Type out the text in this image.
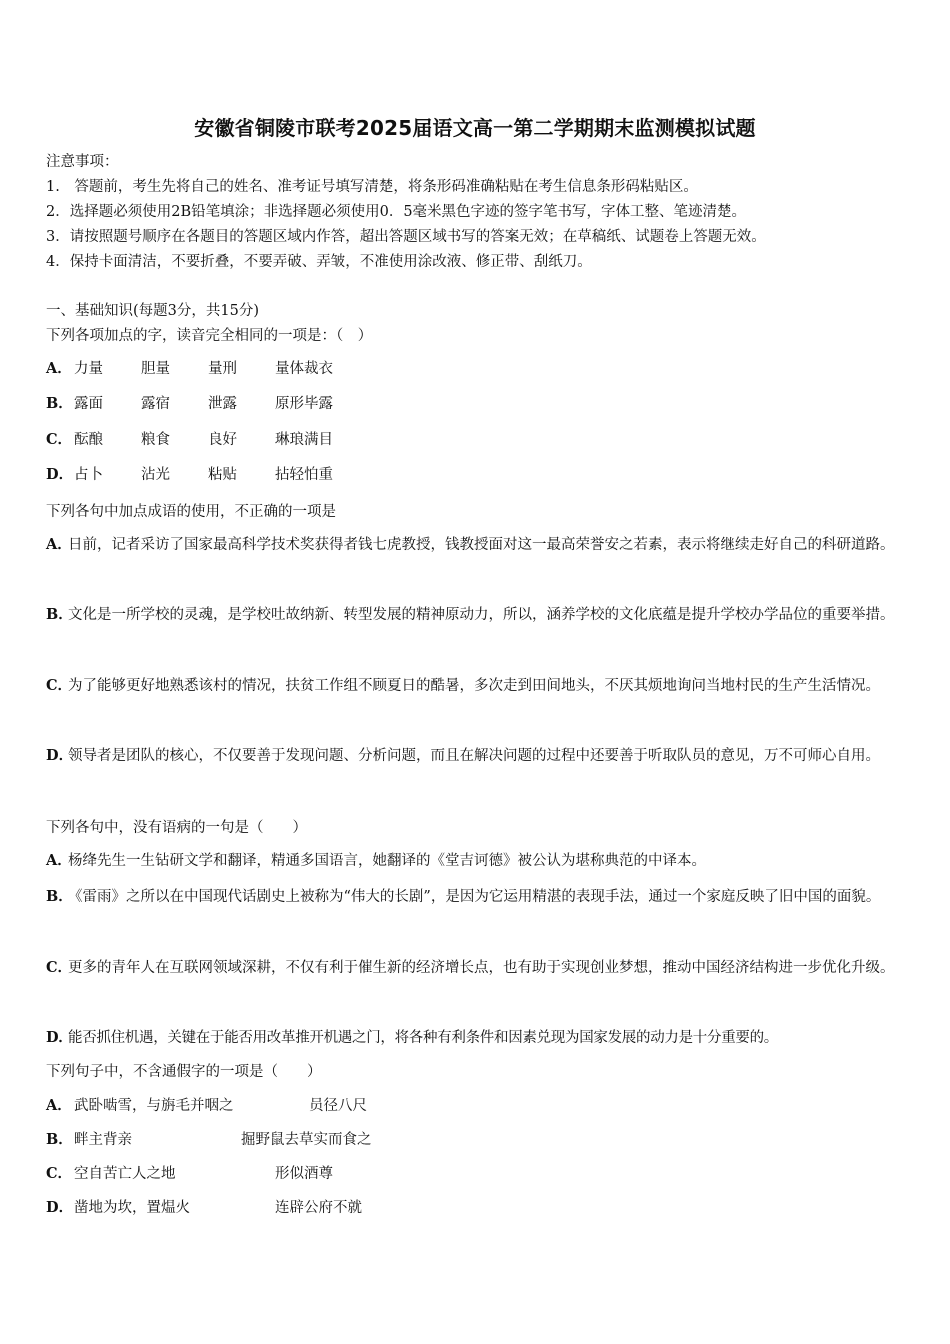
安徽省铜陵市联考2025届语文高一第二学期期末监测模拟试题
注意事项：
1.　答题前，考生先将自己的姓名、准考证号填写清楚，将条形码准确粘贴在考生信息条形码粘贴区。
2．选择题必须使用2B铅笔填涂；非选择题必须使用0．5毫米黑色字迹的签字笔书写，字体工整、笔迹清楚。
3．请按照题号顺序在各题目的答题区域内作答，超出答题区域书写的答案无效；在草稿纸、试题卷上答题无效。
4．保持卡面清洁，不要折叠，不要弄破、弄皱，不准使用涂改液、修正带、刮纸刀。
一、基础知识(每题3分，共15分)
下列各项加点的字，读音完全相同的一项是：（　）
A． 力量	胆量	量刑	量体裁衣
B．露面	露宿	泄露	原形毕露
C． 酝酿	粮食	良好	琳琅满目
D．占卜	沾光	粘贴	拈轻怕重
下列各句中加点成语的使用，不正确的一项是
A．日前，记者采访了国家最高科学技术奖获得者钱七虎教授，钱教授面对这一最高荣誉安之若素，表示将继续走好自己的科研道路。
B．文化是一所学校的灵魂，是学校吐故纳新、转型发展的精神原动力，所以，涵养学校的文化底蕴是提升学校办学品位的重要举措。
C．为了能够更好地熟悉该村的情况，扶贫工作组不顾夏日的酷暑，多次走到田间地头，不厌其烦地询问当地村民的生产生活情况。
D．领导者是团队的核心，不仅要善于发现问题、分析问题，而且在解决问题的过程中还要善于听取队员的意见，万不可师心自用。
下列各句中，没有语病的一句是（　　）
A．杨绛先生一生钻研文学和翻译，精通多国语言，她翻译的《堂吉诃德》被公认为堪称典范的中译本。
B．《雷雨》之所以在中国现代话剧史上被称为“伟大的长剧”，是因为它运用精湛的表现手法，通过一个家庭反映了旧中国的面貌。
C．更多的青年人在互联网领域深耕，不仅有利于催生新的经济增长点，也有助于实现创业梦想，推动中国经济结构进一步优化升级。
D．能否抓住机遇，关键在于能否用改革推开机遇之门，将各种有利条件和因素兑现为国家发展的动力是十分重要的。
下列句子中，不含通假字的一项是（　　）
A． 武卧啮雪，与旃毛并咽之	员径八尺
B．畔主背亲	掘野鼠去草实而食之
C． 空自苦亡人之地	形似酒尊
D．凿地为坎，置煴火	连辟公府不就
